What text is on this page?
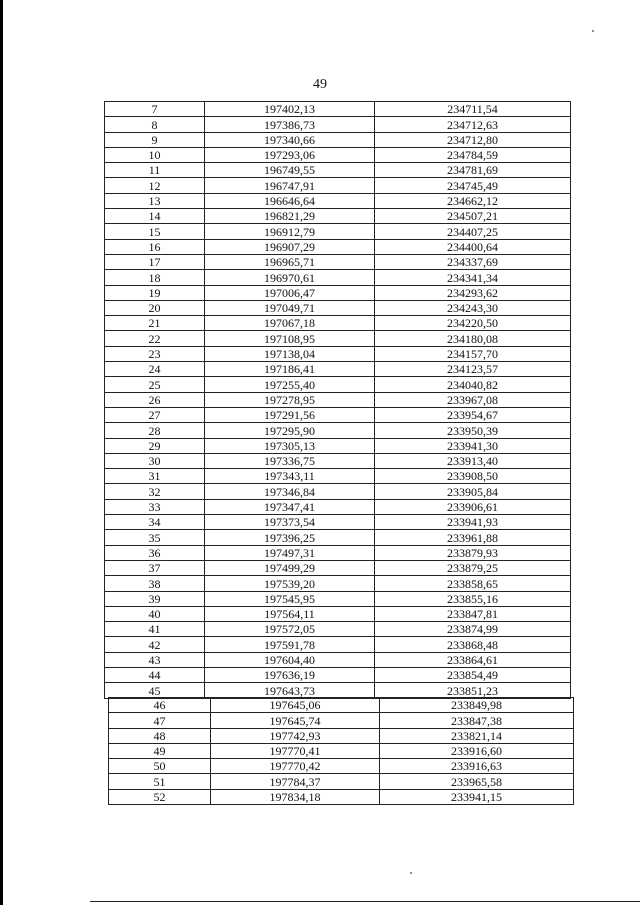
49
7	197402,13	234711,54
8	197386,73	234712,63
9	197340,66	234712,80
10	197293,06	234784,59
11	196749,55	234781,69
12	196747,91	234745,49
13	196646,64	234662,12
14	196821,29	234507,21
15	196912,79	234407,25
16	196907,29	234400,64
17	196965,71	234337,69
18	196970,61	234341,34
19	197006,47	234293,62
20	197049,71	234243,30
21	197067,18	234220,50
22	197108,95	234180,08
23	197138,04	234157,70
24	197186,41	234123,57
25	197255,40	234040,82
26	197278,95	233967,08
27	197291,56	233954,67
28	197295,90	233950,39
29	197305,13	233941,30
30	197336,75	233913,40
31	197343,11	233908,50
32	197346,84	233905,84
33	197347,41	233906,61
34	197373,54	233941,93
35	197396,25	233961,88
36	197497,31	233879,93
37	197499,29	233879,25
38	197539,20	233858,65
39	197545,95	233855,16
40	197564,11	233847,81
41	197572,05	233874,99
42	197591,78	233868,48
43	197604,40	233864,61
44	197636,19	233854,49
45	197643,73	233851,23
46	197645,06	233849,98
47	197645,74	233847,38
48	197742,93	233821,14
49	197770,41	233916,60
50	197770,42	233916,63
51	197784,37	233965,58
52	197834,18	233941,15
